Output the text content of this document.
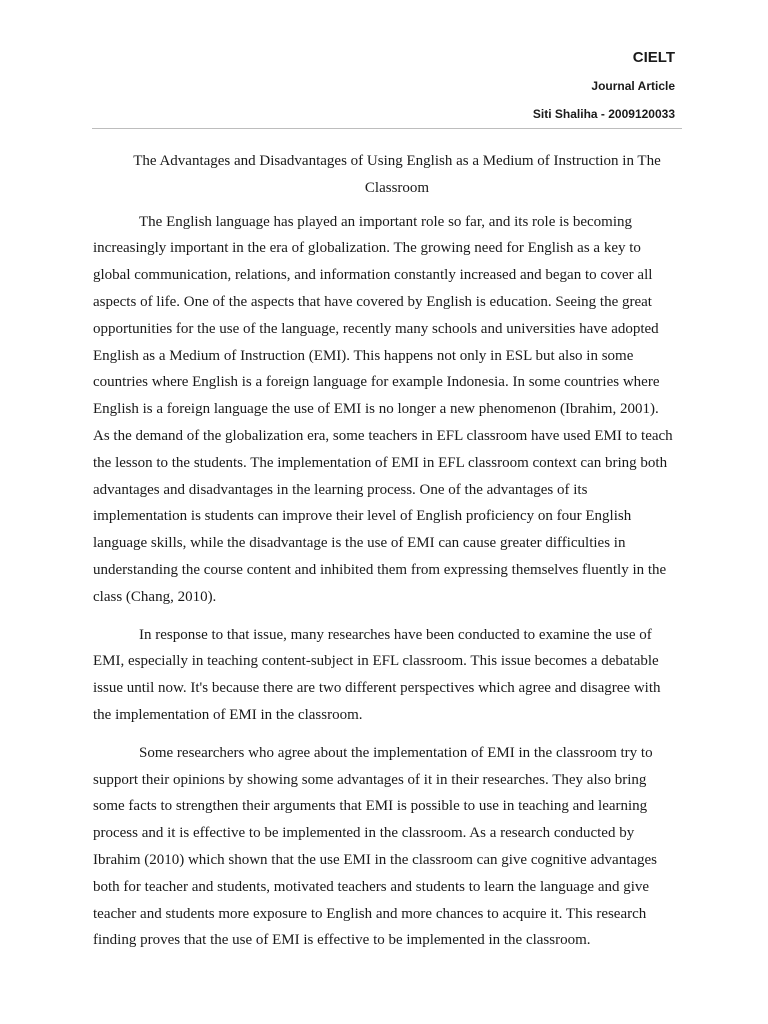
CIELT
Journal Article
Siti Shaliha - 2009120033
The Advantages and Disadvantages of Using English as a Medium of Instruction in The Classroom

The English language has played an important role so far, and its role is becoming increasingly important in the era of globalization. The growing need for English as a key to global communication, relations, and information constantly increased and began to cover all aspects of life. One of the aspects that have covered by English is education. Seeing the great opportunities for the use of the language, recently many schools and universities have adopted English as a Medium of Instruction (EMI). This happens not only in ESL but also in some countries where English is a foreign language for example Indonesia. In some countries where English is a foreign language the use of EMI is no longer a new phenomenon (Ibrahim, 2001). As the demand of the globalization era, some teachers in EFL classroom have used EMI to teach the lesson to the students. The implementation of EMI in EFL classroom context can bring both advantages and disadvantages in the learning process. One of the advantages of its implementation is students can improve their level of English proficiency on four English language skills, while the disadvantage is the use of EMI can cause greater difficulties in understanding the course content and inhibited them from expressing themselves fluently in the class (Chang, 2010).

In response to that issue, many researches have been conducted to examine the use of EMI, especially in teaching content-subject in EFL classroom. This issue becomes a debatable issue until now. It's because there are two different perspectives which agree and disagree with the implementation of EMI in the classroom.

Some researchers who agree about the implementation of EMI in the classroom try to support their opinions by showing some advantages of it in their researches. They also bring some facts to strengthen their arguments that EMI is possible to use in teaching and learning process and it is effective to be implemented in the classroom. As a research conducted by Ibrahim (2010) which shown that the use EMI in the classroom can give cognitive advantages both for teacher and students, motivated teachers and students to learn the language and give teacher and students more exposure to English and more chances to acquire it. This research finding proves that the use of EMI is effective to be implemented in the classroom.
